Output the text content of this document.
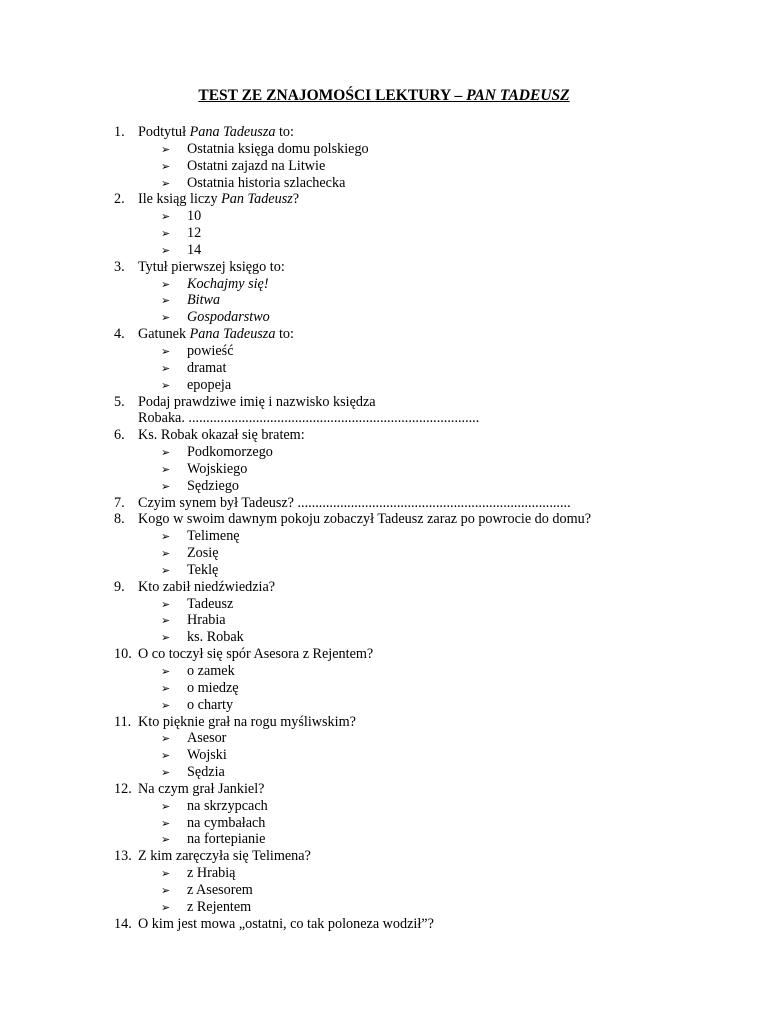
TEST ZE ZNAJOMOŚCI LEKTURY – PAN TADEUSZ
1. Podtytuł Pana Tadeusza to:
➢ Ostatnia księga domu polskiego
➢ Ostatni zajazd na Litwie
➢ Ostatnia historia szlachecka
2. Ile ksiąg liczy Pan Tadeusz?
➢ 10
➢ 12
➢ 14
3. Tytuł pierwszej księgo to:
➢ Kochajmy się!
➢ Bitwa
➢ Gospodarstwo
4. Gatunek Pana Tadeusza to:
➢ powieść
➢ dramat
➢ epopeja
5. Podaj prawdziwe imię i nazwisko księdza
Robaka. ..................................................................................
6. Ks. Robak okazał się bratem:
➢ Podkomorzego
➢ Wojskiego
➢ Sędziego
7. Czyim synem był Tadeusz? .............................................................................
8. Kogo w swoim dawnym pokoju zobaczył Tadeusz zaraz po powrocie do domu?
➢ Telimenę
➢ Zosię
➢ Teklę
9. Kto zabił niedźwiedzia?
➢ Tadeusz
➢ Hrabia
➢ ks. Robak
10. O co toczył się spór Asesora z Rejentem?
➢ o zamek
➢ o miedzę
➢ o charty
11. Kto pięknie grał na rogu myśliwskim?
➢ Asesor
➢ Wojski
➢ Sędzia
12. Na czym grał Jankiel?
➢ na skrzypcach
➢ na cymbałach
➢ na fortepianie
13. Z kim zaręczyła się Telimena?
➢ z Hrabią
➢ z Asesorem
➢ z Rejentem
14. O kim jest mowa „ostatni, co tak poloneza wodził”?
